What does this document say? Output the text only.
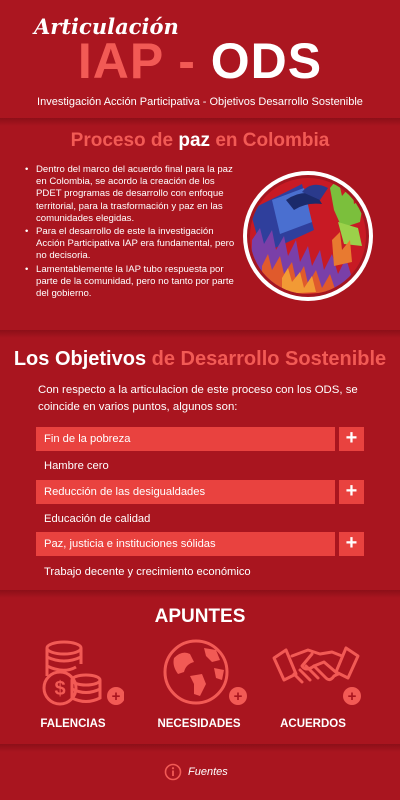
Articulación
IAP - ODS
Investigación Acción Participativa - Objetivos Desarrollo Sostenible
Proceso de paz en Colombia
• Dentro del marco del acuerdo final para la paz en Colombia, se acordo la creación de los PDET programas de desarrollo con enfoque territorial, para la trasformación y paz en las comunidades elegidas.
• Para el desarrollo de este la investigación Acción Participativa IAP era fundamental, pero no decisoria.
• Lamentablemente la IAP tubo respuesta por parte de la comunidad, pero no tanto por parte del gobierno.
Los Objetivos de Desarrollo Sostenible
Con respecto a la articulacion de este proceso con los ODS, se coincide en varios puntos, algunos son:
Fin de la pobreza	+
Hambre cero
Reducción de las desigualdades	+
Educación de calidad
Paz, justicia e instituciones sólidas	+
Trabajo decente y crecimiento económico
APUNTES
$	+	+	+
FALENCIAS	NECESIDADES	ACUERDOS
Fuentes
